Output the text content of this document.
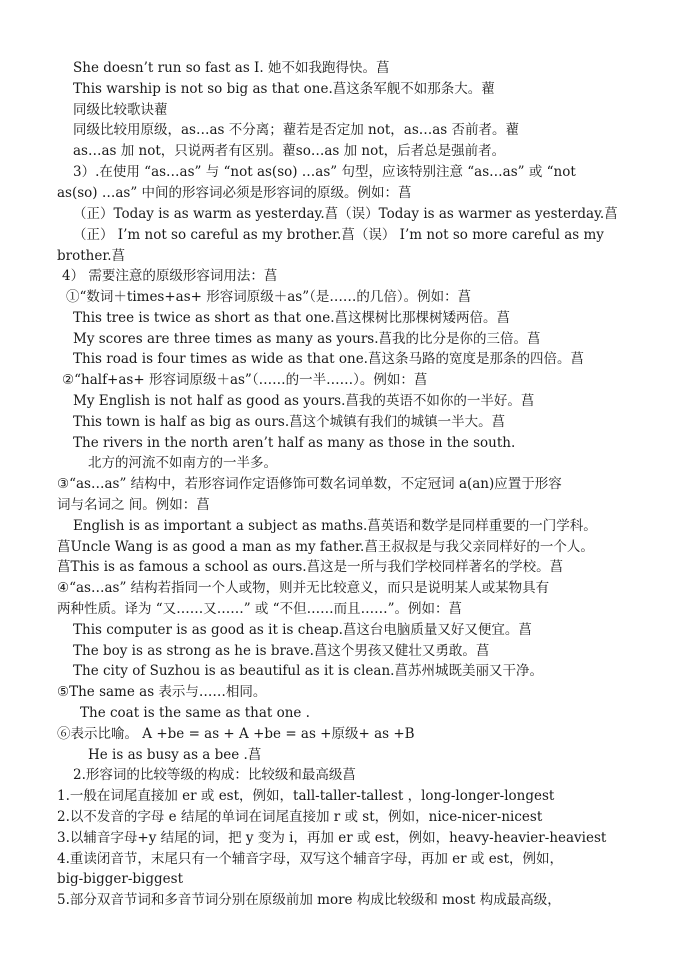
She doesn’t run so fast as I. 她不如我跑得快。菖
This warship is not so big as that one.菖这条军舰不如那条大。藋
同级比较歌诀藋
同级比较用原级，as…as 不分离；藋若是否定加 not，as…as 否前者。藋
as…as 加 not，只说两者有区别。藋so…as 加 not，后者总是强前者。
3）.在使用 “as…as” 与 “not as(so) …as” 句型，应该特别注意 “as…as” 或 “not
as(so) …as” 中间的形容词必须是形容词的原级。例如：菖
（正）Today is as warm as yesterday.菖（误）Today is as warmer as yesterday.菖
（正） I’m not so careful as my brother.菖（误） I’m not so more careful as my
brother.菖
4） 需要注意的原级形容词用法：菖
①“数词＋times+as+ 形容词原级＋as”（是……的几倍）。例如：菖
This tree is twice as short as that one.菖这棵树比那棵树矮两倍。菖
My scores are three times as many as yours.菖我的比分是你的三倍。菖
This road is four times as wide as that one.菖这条马路的宽度是那条的四倍。菖
②“half+as+ 形容词原级＋as”（……的一半……）。例如：菖
My English is not half as good as yours.菖我的英语不如你的一半好。菖
This town is half as big as ours.菖这个城镇有我们的城镇一半大。菖
The rivers in the north aren’t half as many as those in the south.
北方的河流不如南方的一半多。
③“as…as” 结构中，若形容词作定语修饰可数名词单数，不定冠词 a(an)应置于形容
词与名词之 间。例如：菖
English is as important a subject as maths.菖英语和数学是同样重要的一门学科。
菖Uncle Wang is as good a man as my father.菖王叔叔是与我父亲同样好的一个人。
菖This is as famous a school as ours.菖这是一所与我们学校同样著名的学校。菖
④“as…as” 结构若指同一个人或物，则并无比较意义，而只是说明某人或某物具有
两种性质。译为 “又……又……” 或 “不但……而且……”。例如：菖
This computer is as good as it is cheap.菖这台电脑质量又好又便宜。菖
The boy is as strong as he is brave.菖这个男孩又健壮又勇敢。菖
The city of Suzhou is as beautiful as it is clean.菖苏州城既美丽又干净。
⑤The same as 表示与……相同。
The coat is the same as that one .
⑥表示比喻。 A +be = as + A +be = as +原级+ as +B
He is as busy as a bee .菖
2.形容词的比较等级的构成：比较级和最高级菖
1.一般在词尾直接加 er 或 est，例如，tall-taller-tallest ，long-longer-longest
2.以不发音的字母 e 结尾的单词在词尾直接加 r 或 st，例如，nice-nicer-nicest
3.以辅音字母+y 结尾的词，把 y 变为 i，再加 er 或 est，例如，heavy-heavier-heaviest
4.重读闭音节，末尾只有一个辅音字母，双写这个辅音字母，再加 er 或 est，例如，
big-bigger-biggest
5.部分双音节词和多音节词分别在原级前加 more 构成比较级和 most 构成最高级，
